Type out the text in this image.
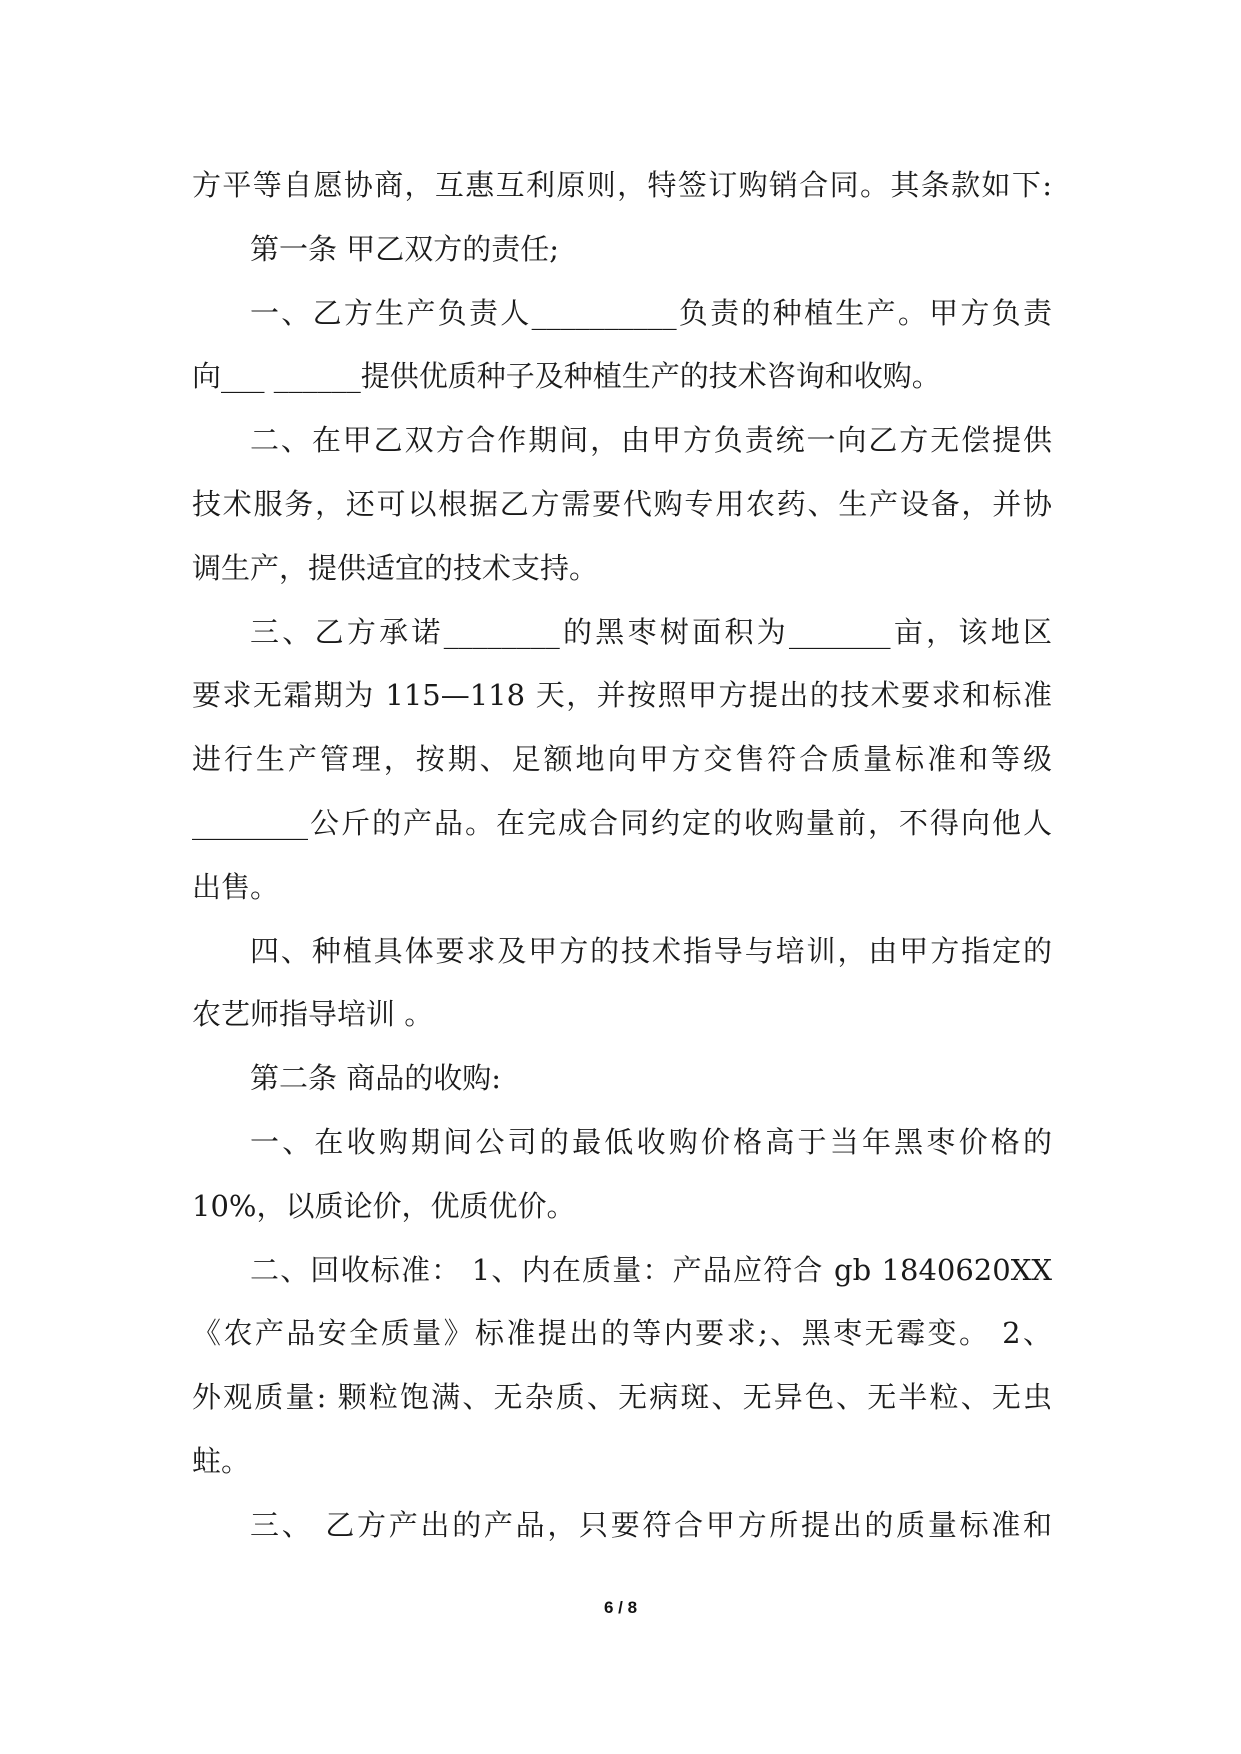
方平等自愿协商，互惠互利原则，特签订购销合同。其条款如下:
第一条 甲乙双方的责任;
一、乙方生产负责人__________负责的种植生产。甲方负责
向___ ______提供优质种子及种植生产的技术咨询和收购。
二、在甲乙双方合作期间，由甲方负责统一向乙方无偿提供
技术服务，还可以根据乙方需要代购专用农药、生产设备，并协
调生产，提供适宜的技术支持。
三、乙方承诺________的黑枣树面积为_______亩，该地区
要求无霜期为 115—118 天，并按照甲方提出的技术要求和标准
进行生产管理，按期、足额地向甲方交售符合质量标准和等级
________公斤的产品。在完成合同约定的收购量前，不得向他人
出售。
四、种植具体要求及甲方的技术指导与培训，由甲方指定的
农艺师指导培训 。
第二条 商品的收购:
一、在收购期间公司的最低收购价格高于当年黑枣价格的
10%，以质论价，优质优价。
二、回收标准： 1、内在质量：产品应符合 gb 1840620XX
《农产品安全质量》标准提出的等内要求;、黑枣无霉变。 2、
外观质量: 颗粒饱满、无杂质、无病斑、无异色、无半粒、无虫
蛀。
三、 乙方产出的产品，只要符合甲方所提出的质量标准和
6 / 8
